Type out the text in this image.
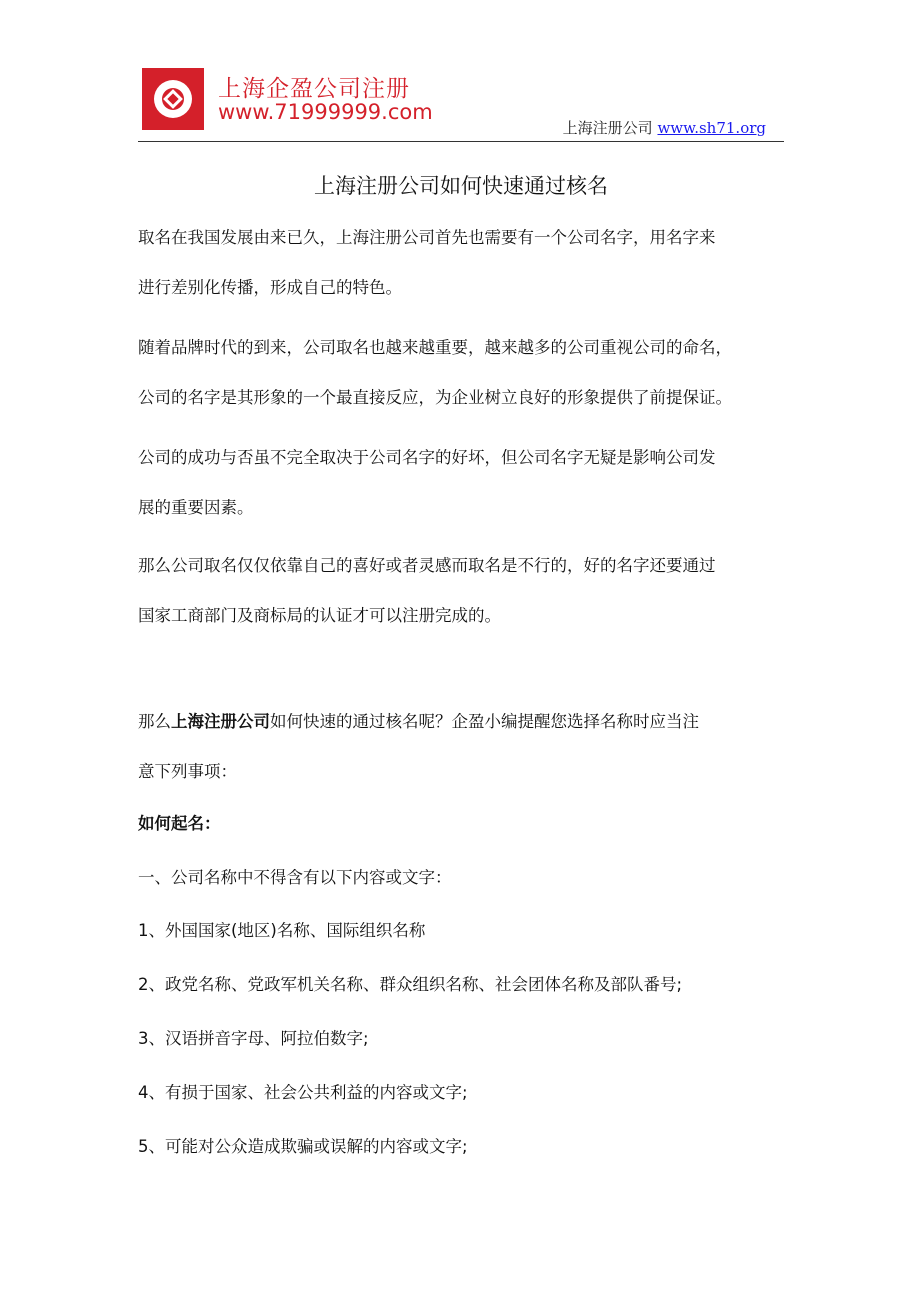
上海企盈公司注册
www.71999999.com
上海注册公司 www.sh71.org
上海注册公司如何快速通过核名
取名在我国发展由来已久，上海注册公司首先也需要有一个公司名字，用名字来
进行差别化传播，形成自己的特色。
随着品牌时代的到来，公司取名也越来越重要，越来越多的公司重视公司的命名，
公司的名字是其形象的一个最直接反应，为企业树立良好的形象提供了前提保证。
公司的成功与否虽不完全取决于公司名字的好坏，但公司名字无疑是影响公司发
展的重要因素。
那么公司取名仅仅依靠自己的喜好或者灵感而取名是不行的，好的名字还要通过
国家工商部门及商标局的认证才可以注册完成的。
那么上海注册公司如何快速的通过核名呢？企盈小编提醒您选择名称时应当注
意下列事项：
如何起名：
一、公司名称中不得含有以下内容或文字：
1、外国国家(地区)名称、国际组织名称
2、政党名称、党政军机关名称、群众组织名称、社会团体名称及部队番号;
3、汉语拼音字母、阿拉伯数字;
4、有损于国家、社会公共利益的内容或文字;
5、可能对公众造成欺骗或误解的内容或文字;
